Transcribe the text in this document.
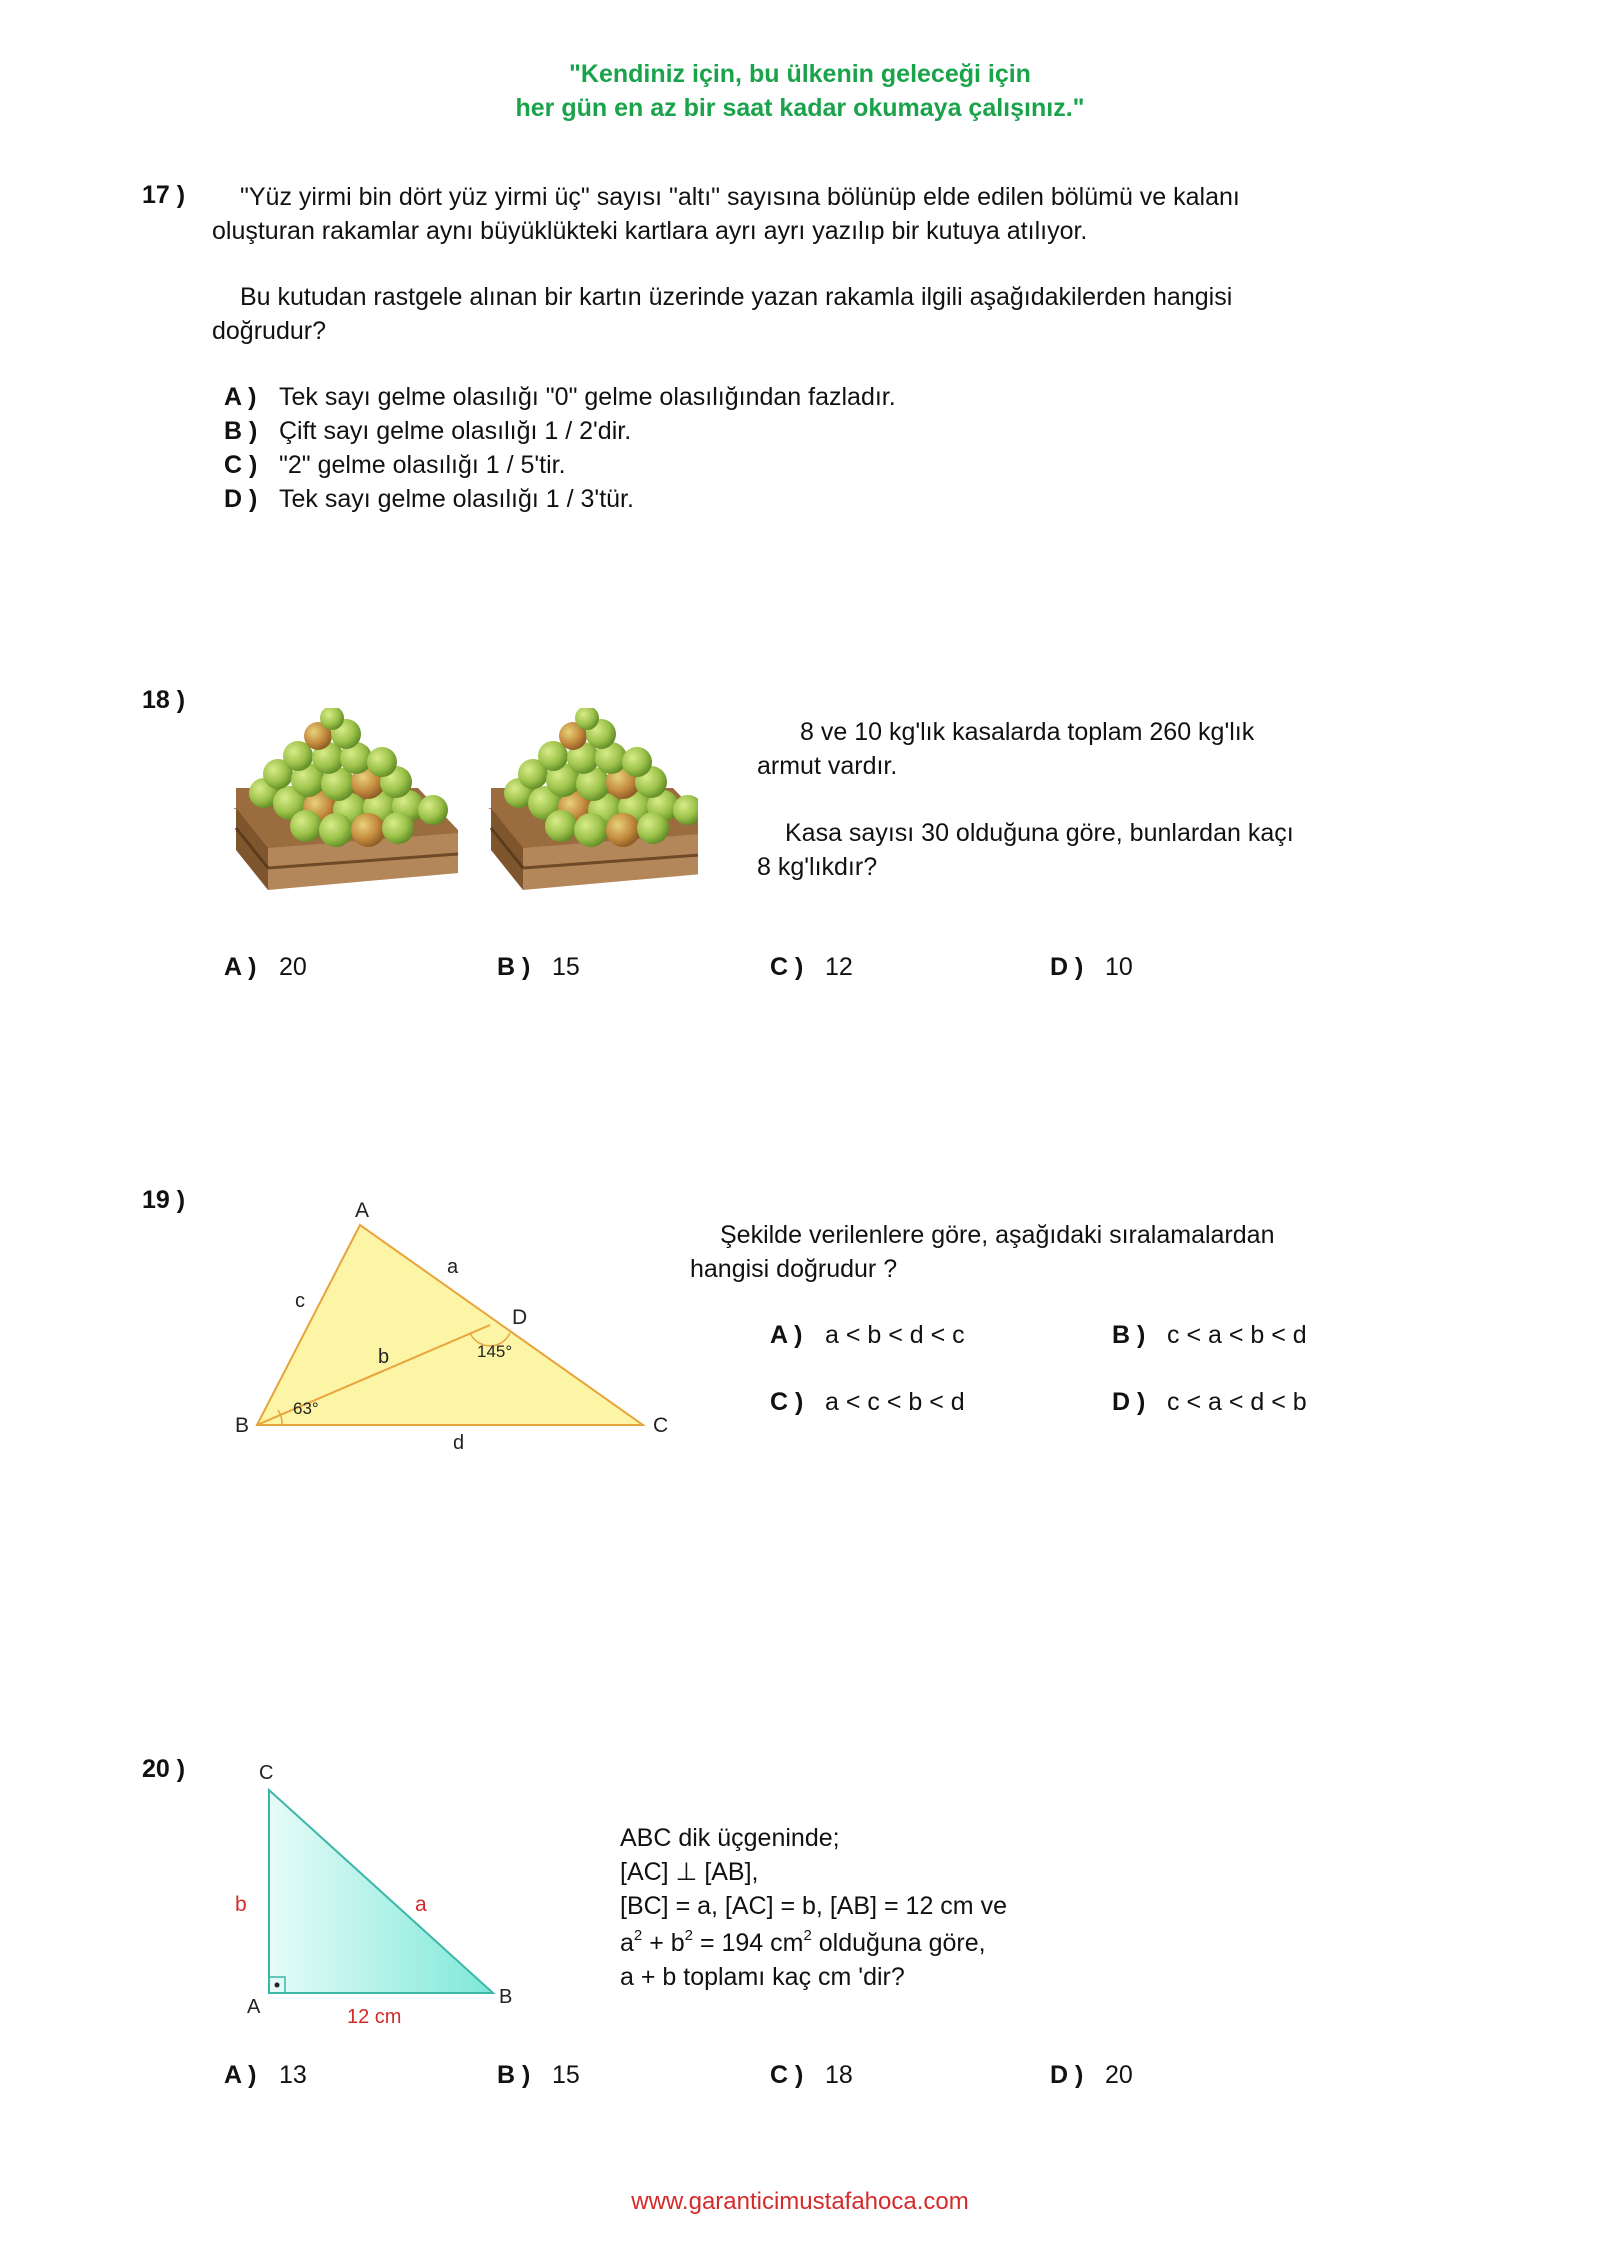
"Kendiniz için, bu ülkenin geleceği için
her gün en az bir saat kadar okumaya çalışınız."
17 ) "Yüz yirmi bin dört yüz yirmi üç" sayısı "altı" sayısına bölünüp elde edilen bölümü ve kalanı
oluşturan rakamlar aynı büyüklükteki kartlara ayrı ayrı yazılıp bir kutuya atılıyor.
Bu kutudan rastgele alınan bir kartın üzerinde yazan rakamla ilgili aşağıdakilerden hangisi
doğrudur?
A ) Tek sayı gelme olasılığı "0" gelme olasılığından fazladır.
B ) Çift sayı gelme olasılığı 1 / 2'dir.
C ) "2" gelme olasılığı 1 / 5'tir.
D ) Tek sayı gelme olasılığı 1 / 3'tür.
18 )
8 ve 10 kg'lık kasalarda toplam 260 kg'lık
armut vardır.
Kasa sayısı 30 olduğuna göre, bunlardan kaçı
8 kg'lıkdır?
A ) 20	B ) 15	C ) 12	D ) 10
19 )	A
B	C
D
a
b
c
d
63°
145°
Şekilde verilenlere göre, aşağıdaki sıralamalardan
hangisi doğrudur ?
A ) a < b < d < c	B ) c < a < b < d
C ) a < c < b < d	D ) c < a < d < b
20 )	C
A	B
b	a
12 cm
ABC dik üçgeninde;
[AC] ⊥ [AB],
[BC] = a, [AC] = b, [AB] = 12 cm ve
$a^2 + b^2 = 194$ $cm^2$ olduğuna göre,
a + b toplamı kaç cm 'dir?
A ) 13	B ) 15	C ) 18	D ) 20
www.garanticimustafahoca.com
